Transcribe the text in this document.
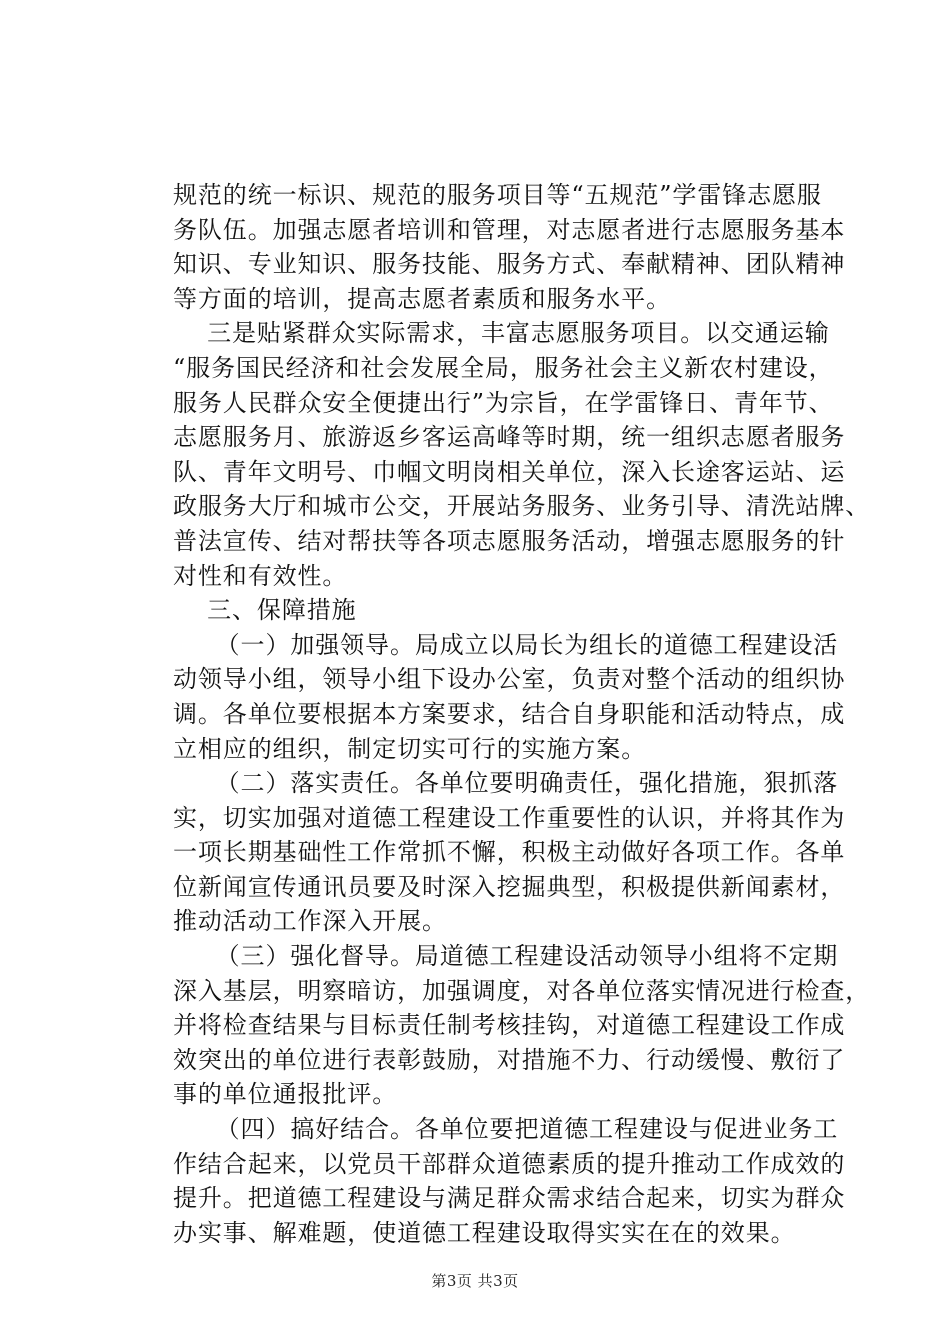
规范的统一标识、规范的服务项目等“五规范”学雷锋志愿服
务队伍。加强志愿者培训和管理，对志愿者进行志愿服务基本
知识、专业知识、服务技能、服务方式、奉献精神、团队精神
等方面的培训，提高志愿者素质和服务水平。
三是贴紧群众实际需求，丰富志愿服务项目。以交通运输
“服务国民经济和社会发展全局，服务社会主义新农村建设，
服务人民群众安全便捷出行”为宗旨，在学雷锋日、青年节、
志愿服务月、旅游返乡客运高峰等时期，统一组织志愿者服务
队、青年文明号、巾帼文明岗相关单位，深入长途客运站、运
政服务大厅和城市公交，开展站务服务、业务引导、清洗站牌、
普法宣传、结对帮扶等各项志愿服务活动，增强志愿服务的针
对性和有效性。
三、保障措施
（一）加强领导。局成立以局长为组长的道德工程建设活
动领导小组，领导小组下设办公室，负责对整个活动的组织协
调。各单位要根据本方案要求，结合自身职能和活动特点，成
立相应的组织，制定切实可行的实施方案。
（二）落实责任。各单位要明确责任，强化措施，狠抓落
实，切实加强对道德工程建设工作重要性的认识，并将其作为
一项长期基础性工作常抓不懈，积极主动做好各项工作。各单
位新闻宣传通讯员要及时深入挖掘典型，积极提供新闻素材，
推动活动工作深入开展。
（三）强化督导。局道德工程建设活动领导小组将不定期
深入基层，明察暗访，加强调度，对各单位落实情况进行检查，
并将检查结果与目标责任制考核挂钩，对道德工程建设工作成
效突出的单位进行表彰鼓励，对措施不力、行动缓慢、敷衍了
事的单位通报批评。
（四）搞好结合。各单位要把道德工程建设与促进业务工
作结合起来，以党员干部群众道德素质的提升推动工作成效的
提升。把道德工程建设与满足群众需求结合起来，切实为群众
办实事、解难题，使道德工程建设取得实实在在的效果。
第3页 共3页
